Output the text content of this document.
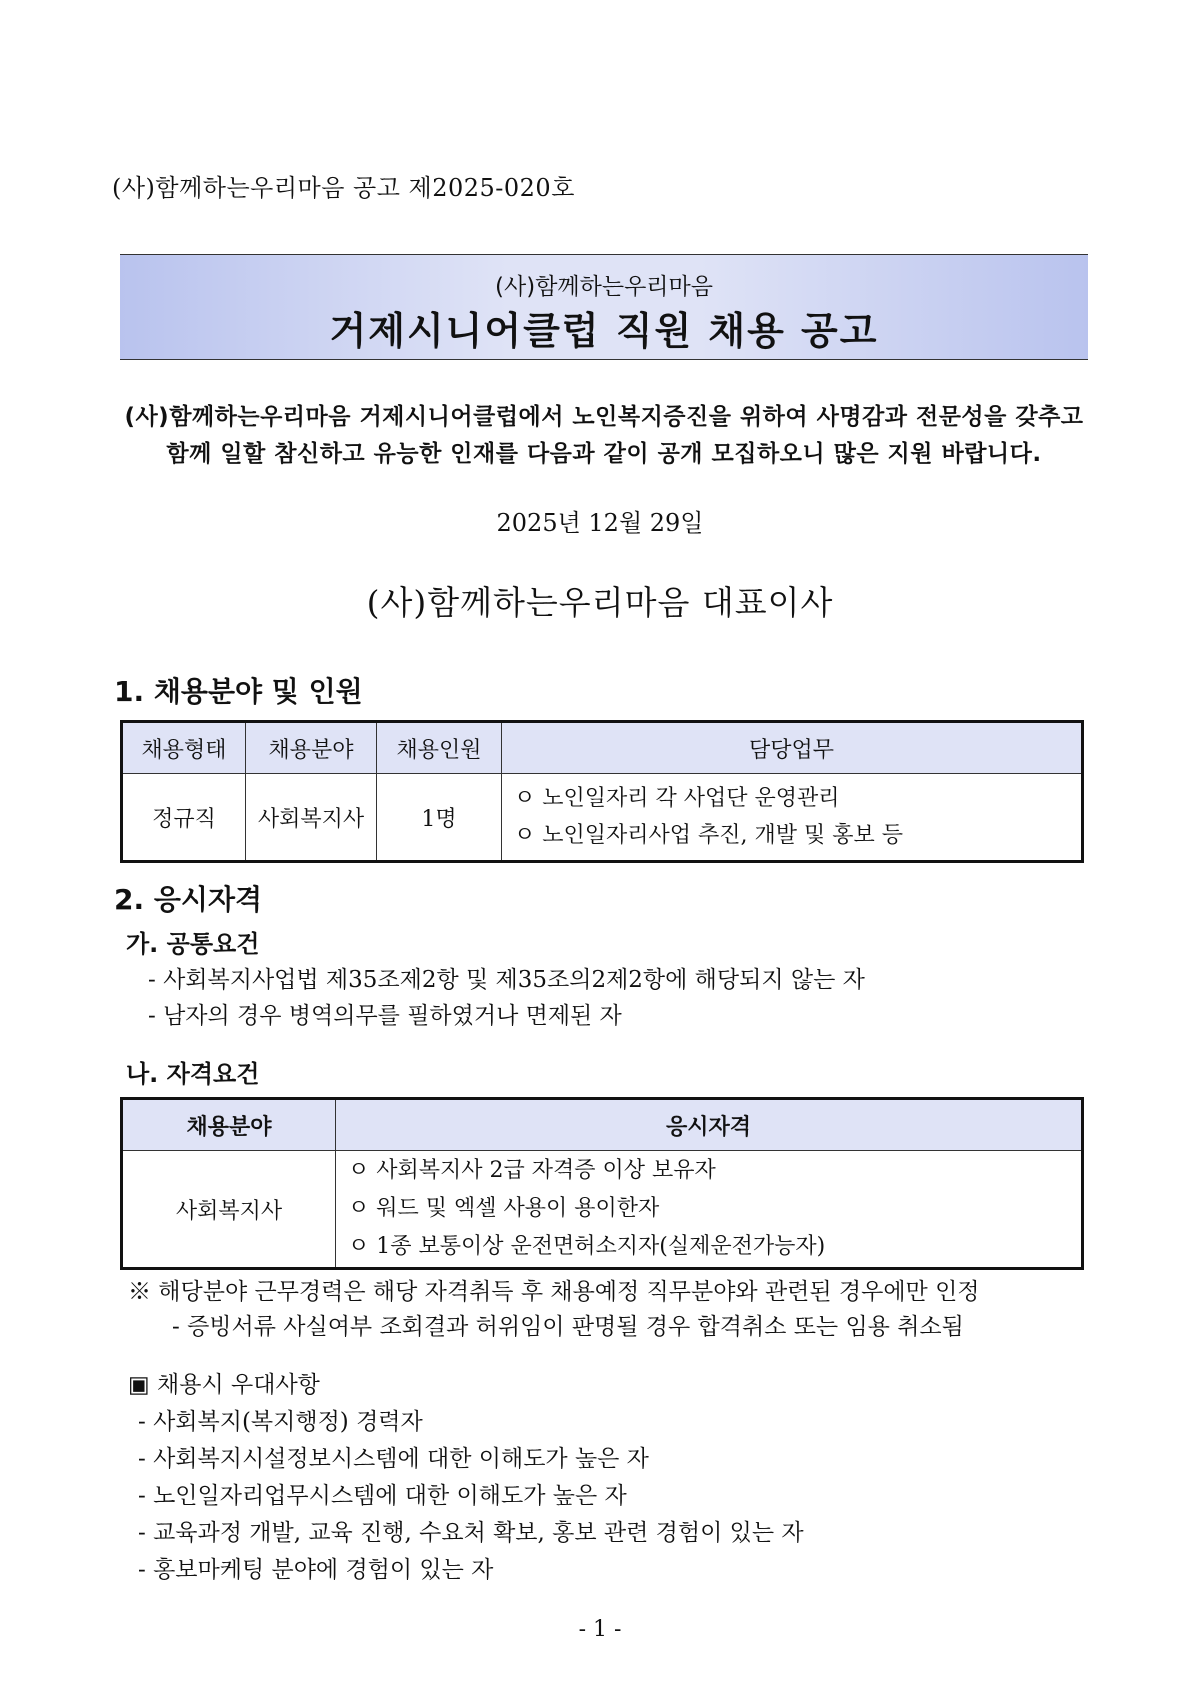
(사)함께하는우리마음 공고 제2025-020호
(사)함께하는우리마음
거제시니어클럽 직원 채용 공고
(사)함께하는우리마음 거제시니어클럽에서 노인복지증진을 위하여 사명감과 전문성을 갖추고
함께 일할 참신하고 유능한 인재를 다음과 같이 공개 모집하오니 많은 지원 바랍니다.
2025년 12월 29일
(사)함께하는우리마음 대표이사
1. 채용분야 및 인원
채용형태	채용분야	채용인원	담당업무
정규직	사회복지사	1명	ㅇ 노인일자리 각 사업단 운영관리
ㅇ 노인일자리사업 추진, 개발 및 홍보 등
2. 응시자격
가. 공통요건
- 사회복지사업법 제35조제2항 및 제35조의2제2항에 해당되지 않는 자
- 남자의 경우 병역의무를 필하였거나 면제된 자
나. 자격요건
채용분야	응시자격
사회복지사	ㅇ 사회복지사 2급 자격증 이상 보유자
ㅇ 워드 및 엑셀 사용이 용이한자
ㅇ 1종 보통이상 운전면허소지자(실제운전가능자)
※ 해당분야 근무경력은 해당 자격취득 후 채용예정 직무분야와 관련된 경우에만 인정
- 증빙서류 사실여부 조회결과 허위임이 판명될 경우 합격취소 또는 임용 취소됨
▣ 채용시 우대사항
- 사회복지(복지행정) 경력자
- 사회복지시설정보시스템에 대한 이해도가 높은 자
- 노인일자리업무시스템에 대한 이해도가 높은 자
- 교육과정 개발, 교육 진행, 수요처 확보, 홍보 관련 경험이 있는 자
- 홍보마케팅 분야에 경험이 있는 자
- 1 -
